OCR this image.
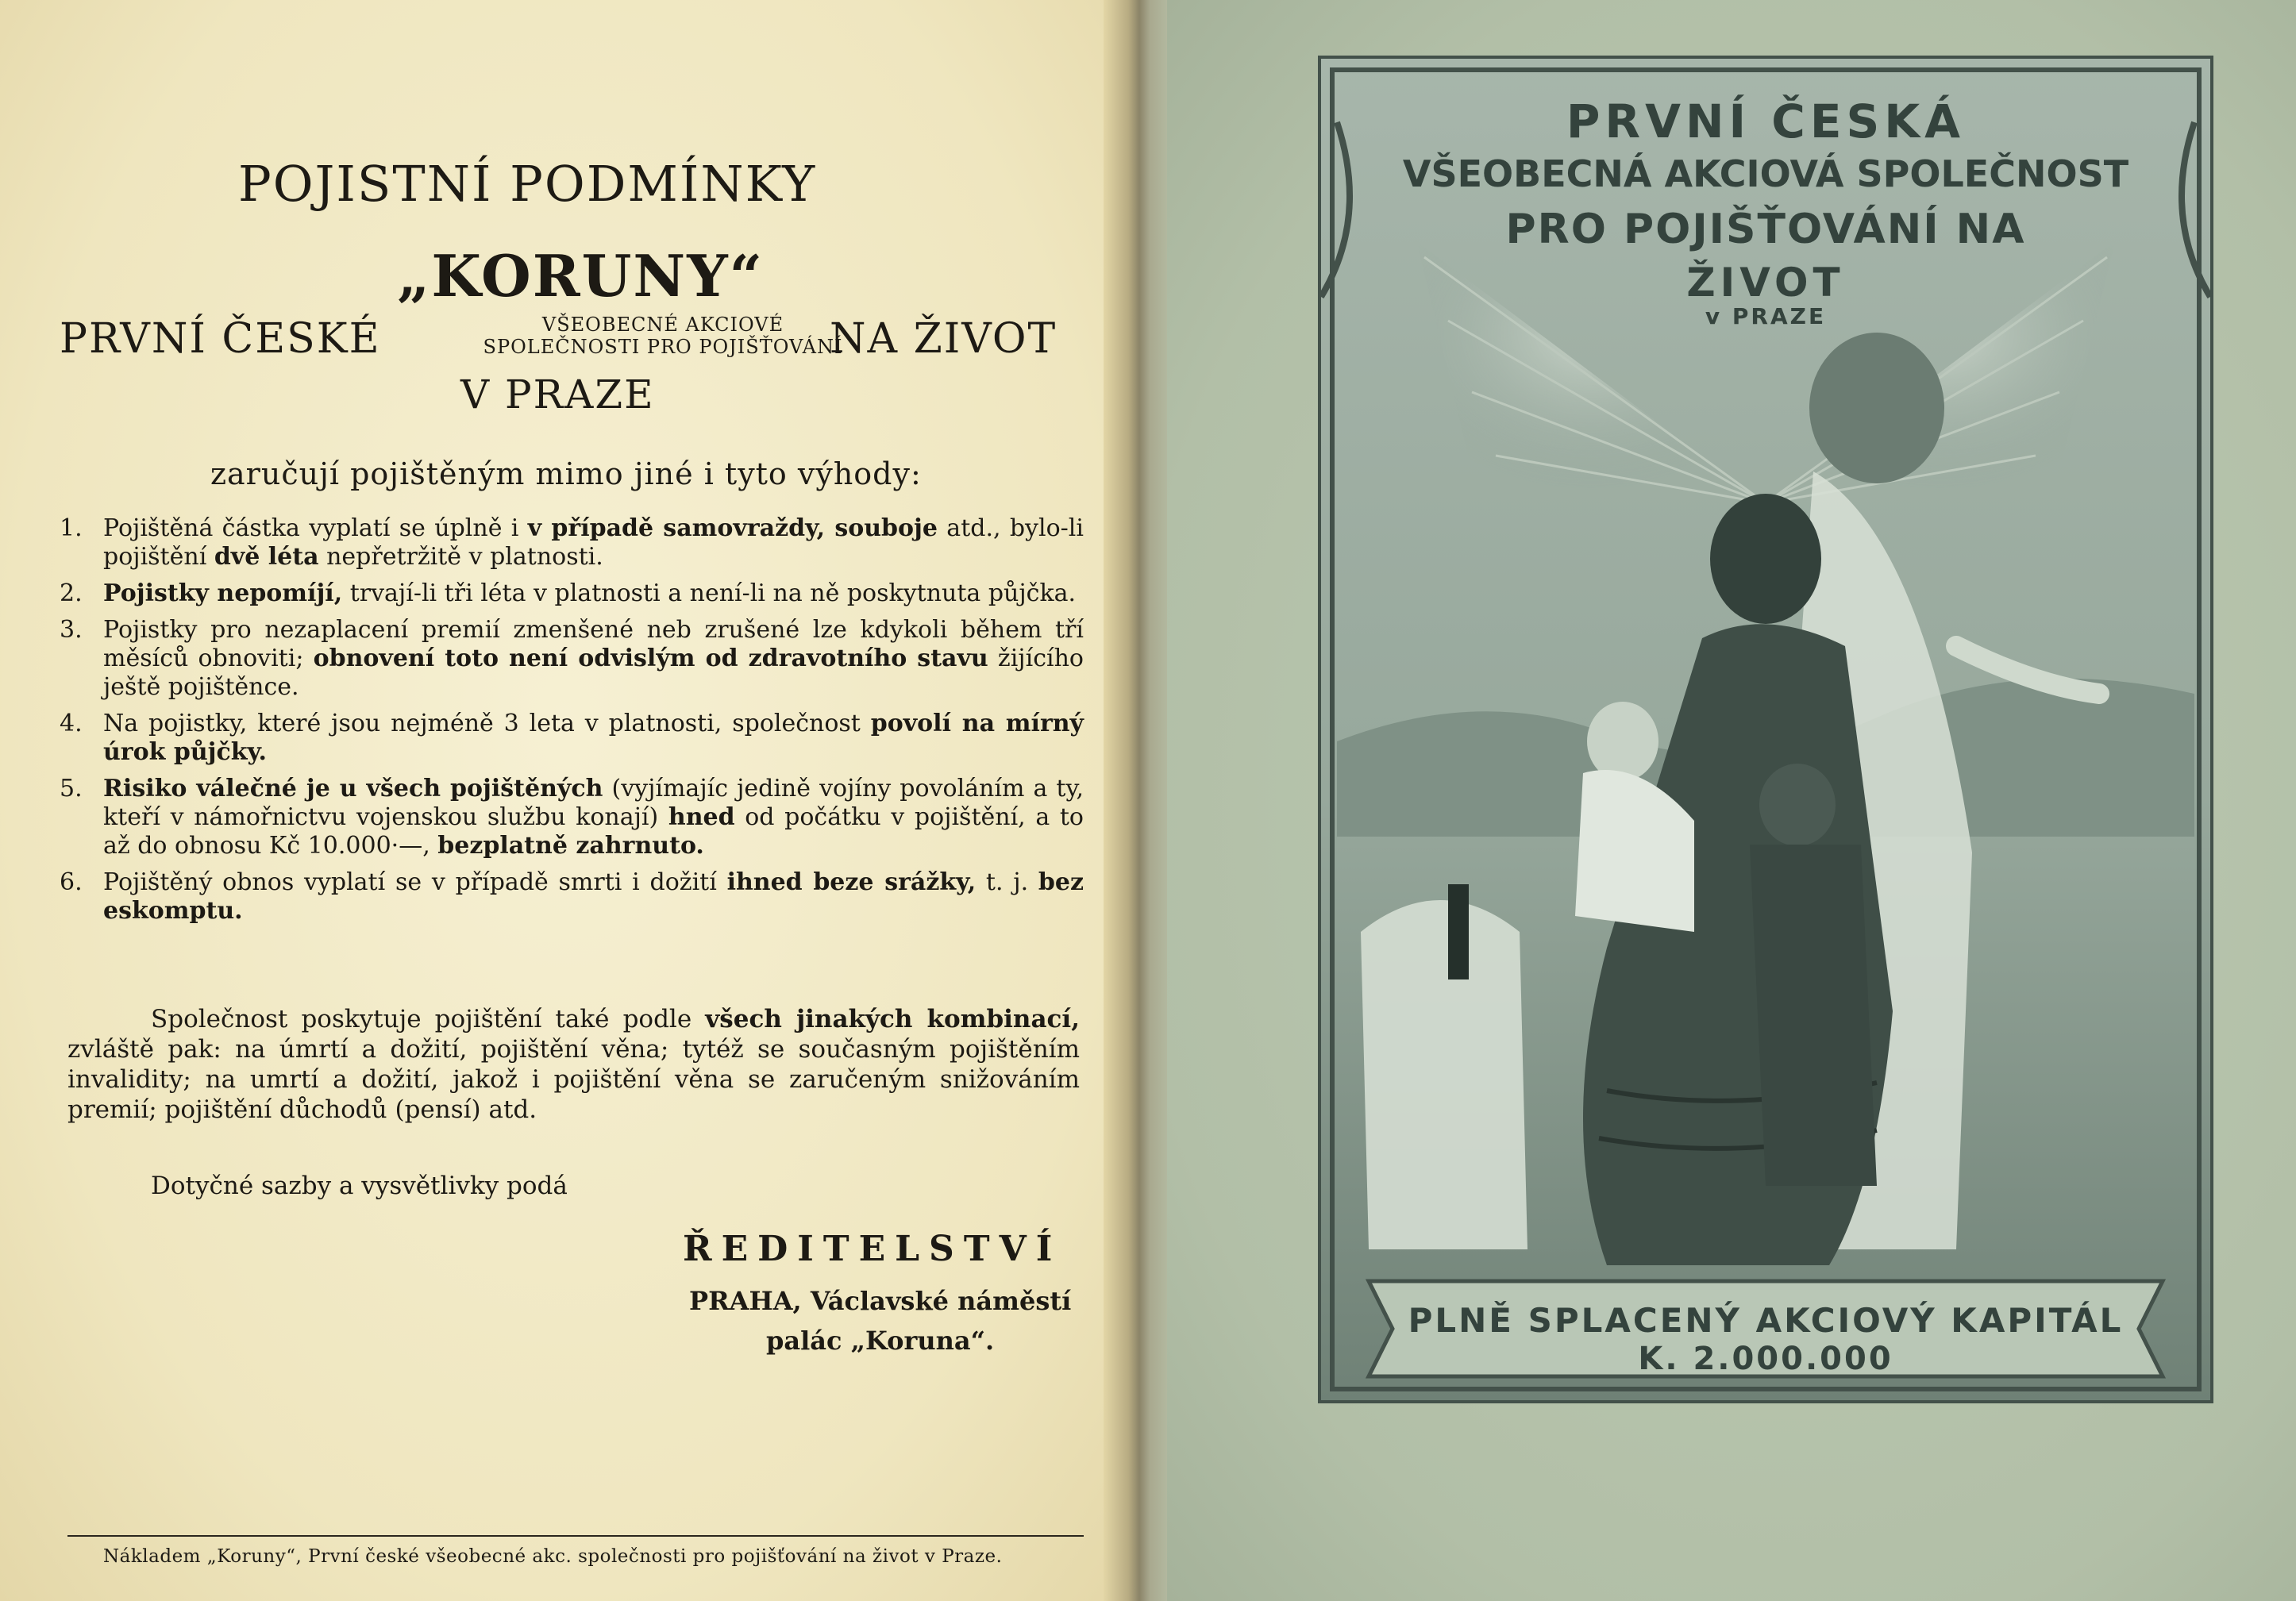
POJISTNÍ PODMÍNKY
„KORUNY“
PRVNÍ ČESKÉ	VŠEOBECNÉ AKCIOVÉ
SPOLEČNOSTI PRO POJIŠŤOVÁNÍ
NA ŽIVOT
V PRAZE
zaručují pojištěným mimo jiné i tyto výhody:
1. Pojištěná částka vyplatí se úplně i v případě samovraždy, souboje atd., bylo-li pojištění dvě léta nepřetržitě v platnosti.
2. Pojistky nepomíjí, trvají-li tři léta v platnosti a není-li na ně poskytnuta půjčka.
3. Pojistky pro nezaplacení premií zmenšené neb zrušené lze kdykoli během tří měsíců obnoviti; obnovení toto není odvislým od zdravotního stavu žijícího ještě pojištěnce.
4. Na pojistky, které jsou nejméně 3 leta v platnosti, společnost povolí na mírný úrok půjčky.
5. Risiko válečné je u všech pojištěných (vyjímajíc jedině vojíny povoláním a ty, kteří v námořnictvu vojenskou službu konají) hned od počátku v pojištění, a to až do obnosu Kč 10.000·—, bezplatně zahrnuto.
6. Pojištěný obnos vyplatí se v případě smrti i dožití ihned beze srážky, t. j. bez eskomptu.
Společnost poskytuje pojištění také podle všech jinakých kombinací, zvláště pak: na úmrtí a dožití, pojištění věna; tytéž se současným pojištěním invalidity; na umrtí a dožití, jakož i pojištění věna se zaručeným snižováním premií; pojištění důchodů (pensí) atd.
Dotyčné sazby a vysvětlivky podá
ŘEDITELSTVÍ
PRAHA, Václavské náměstí
palác „Koruna“.
Nákladem „Koruny“, První české všeobecné akc. společnosti pro pojišťování na život v Praze.
PRVNÍ ČESKÁ
VŠEOBECNÁ AKCIOVÁ SPOLEČNOST
PRO POJIŠŤOVÁNÍ NA
ŽIVOT
v PRAZE
PLNĚ SPLACENÝ AKCIOVÝ KAPITÁL
K. 2.000.000
